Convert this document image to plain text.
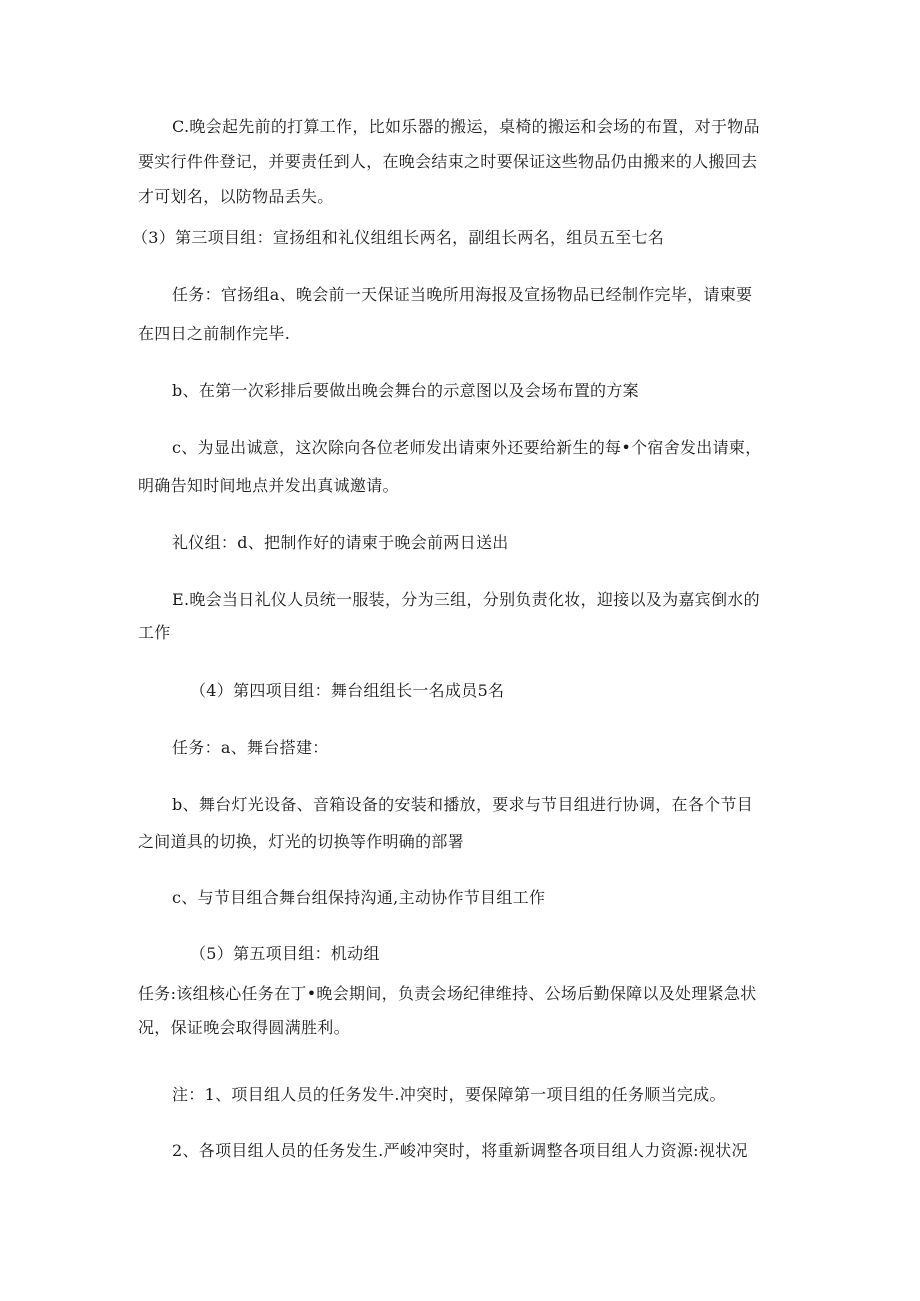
C.晚会起先前的打算工作，比如乐器的搬运，桌椅的搬运和会场的布置，对于物品
要实行件件登记，并要责任到人，在晚会结束之时要保证这些物品仍由搬来的人搬回去
才可划名，以防物品丢失。
（3）第三项目组：宣扬组和礼仪组组长两名，副组长两名，组员五至七名
任务：官扬组a、晚会前一天保证当晚所用海报及宣扬物品已经制作完毕，请柬要
在四日之前制作完毕.
b、在第一次彩排后要做出晚会舞台的示意图以及会场布置的方案
c、为显出诚意，这次除向各位老师发出请柬外还要给新生的每•个宿舍发出请柬，
明确告知时间地点并发出真诚邀请。
礼仪组：d、把制作好的请柬于晚会前两日送出
E.晚会当日礼仪人员统一服装，分为三组，分别负责化妆，迎接以及为嘉宾倒水的
工作
（4）第四项目组：舞台组组长一名成员5名
任务：a、舞台搭建：
b、舞台灯光设备、音箱设备的安装和播放，要求与节目组进行协调，在各个节目
之间道具的切换，灯光的切换等作明确的部署
c、与节目组合舞台组保持沟通,主动协作节目组工作
（5）第五项目组：机动组
任务:该组核心任务在丁•晚会期间，负责会场纪律维持、公场后勤保障以及处理紧急状
况，保证晚会取得圆满胜利。
注：1、项目组人员的任务发牛.冲突时，要保障第一项目组的任务顺当完成。
2、各项目组人员的任务发生.严峻冲突时，将重新调整各项目组人力资源:视状况
